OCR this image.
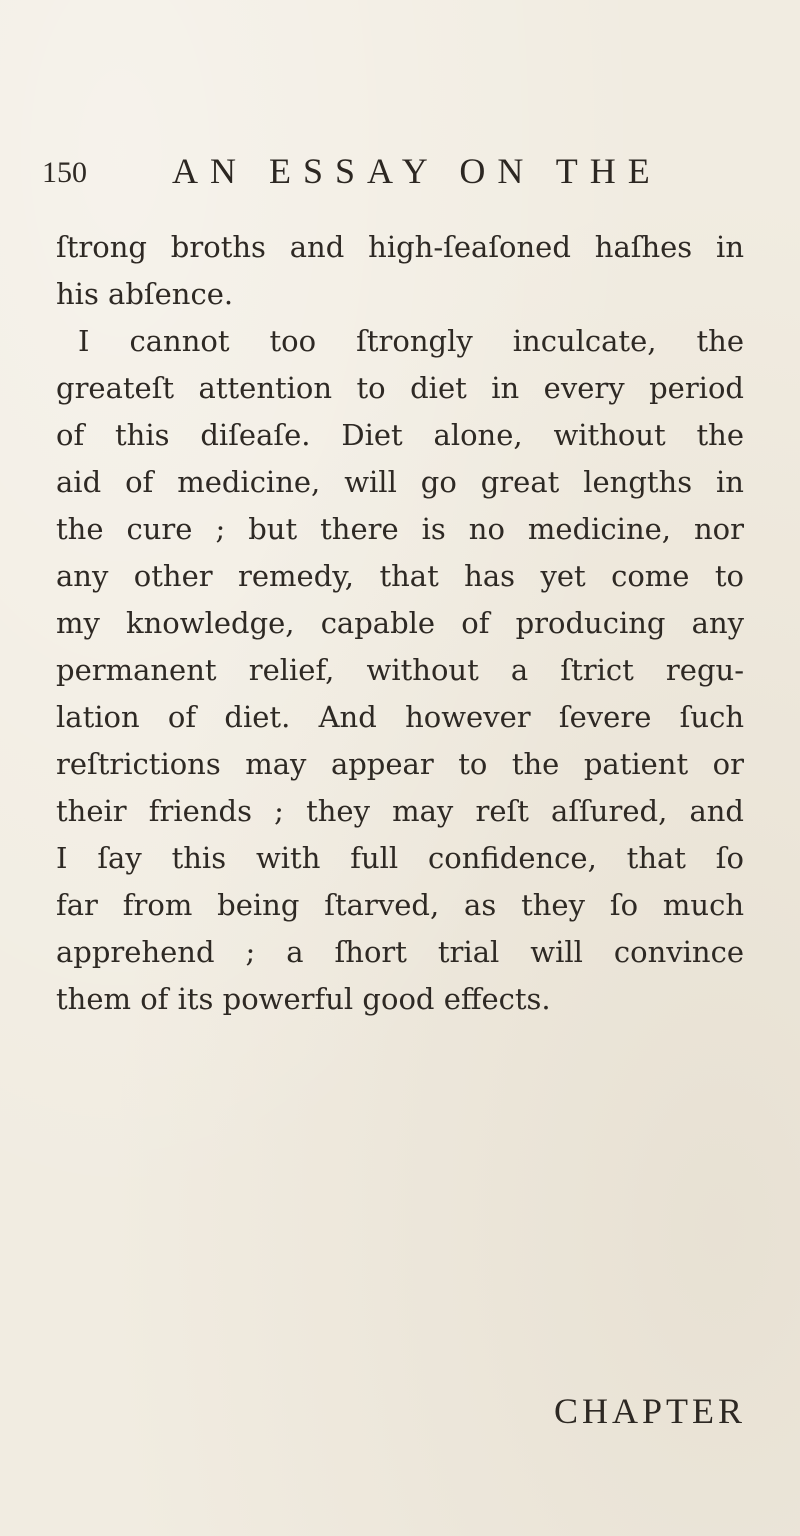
150 AN ESSAY ON THE
ſtrong broths and high-ſeaſoned haſhes in
his abſence.
I cannot too ſtrongly inculcate, the
greateſt attention to diet in every period
of this diſeaſe. Diet alone, without the
aid of medicine, will go great lengths in
the cure ; but there is no medicine, nor
any other remedy, that has yet come to
my knowledge, capable of producing any
permanent relief, without a ſtrict regu-
lation of diet. And however ſevere ſuch
reſtrictions may appear to the patient or
their friends ; they may reſt aſſured, and
I ſay this with full confidence, that ſo
far from being ſtarved, as they ſo much
apprehend ; a ſhort trial will convince
them of its powerful good effects.
CHAPTER
